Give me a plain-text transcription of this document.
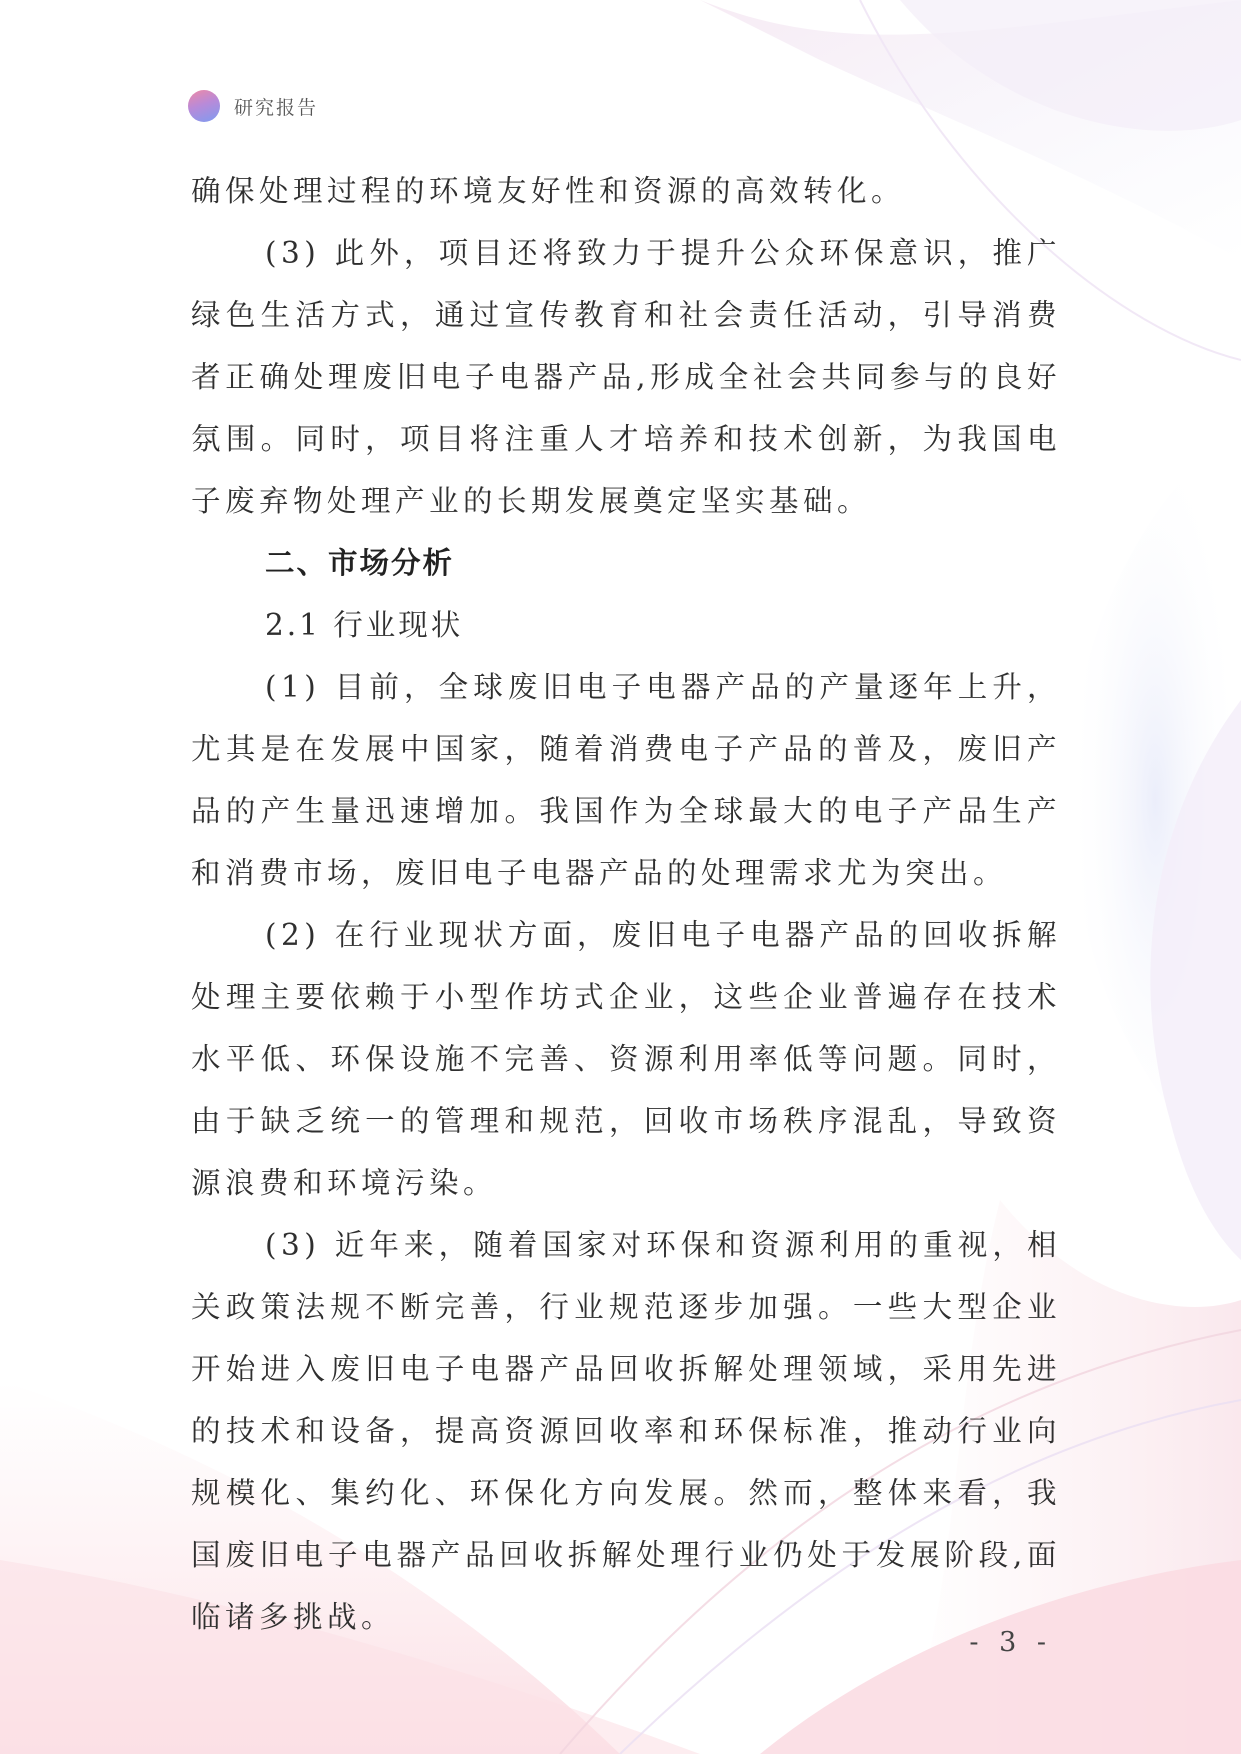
研究报告

确保处理过程的环境友好性和资源的高效转化。

(3) 此外，项目还将致力于提升公众环保意识，推广绿色生活方式，通过宣传教育和社会责任活动，引导消费者正确处理废旧电子电器产品,形成全社会共同参与的良好氛围。同时，项目将注重人才培养和技术创新，为我国电子废弃物处理产业的长期发展奠定坚实基础。

二、市场分析
2.1 行业现状

(1) 目前，全球废旧电子电器产品的产量逐年上升，尤其是在发展中国家，随着消费电子产品的普及，废旧产品的产生量迅速增加。我国作为全球最大的电子产品生产和消费市场，废旧电子电器产品的处理需求尤为突出。

(2) 在行业现状方面，废旧电子电器产品的回收拆解处理主要依赖于小型作坊式企业，这些企业普遍存在技术水平低、环保设施不完善、资源利用率低等问题。同时，由于缺乏统一的管理和规范，回收市场秩序混乱，导致资源浪费和环境污染。

(3) 近年来，随着国家对环保和资源利用的重视，相关政策法规不断完善，行业规范逐步加强。一些大型企业开始进入废旧电子电器产品回收拆解处理领域，采用先进的技术和设备，提高资源回收率和环保标准，推动行业向规模化、集约化、环保化方向发展。然而，整体来看，我国废旧电子电器产品回收拆解处理行业仍处于发展阶段,面临诸多挑战。

- 3 -
